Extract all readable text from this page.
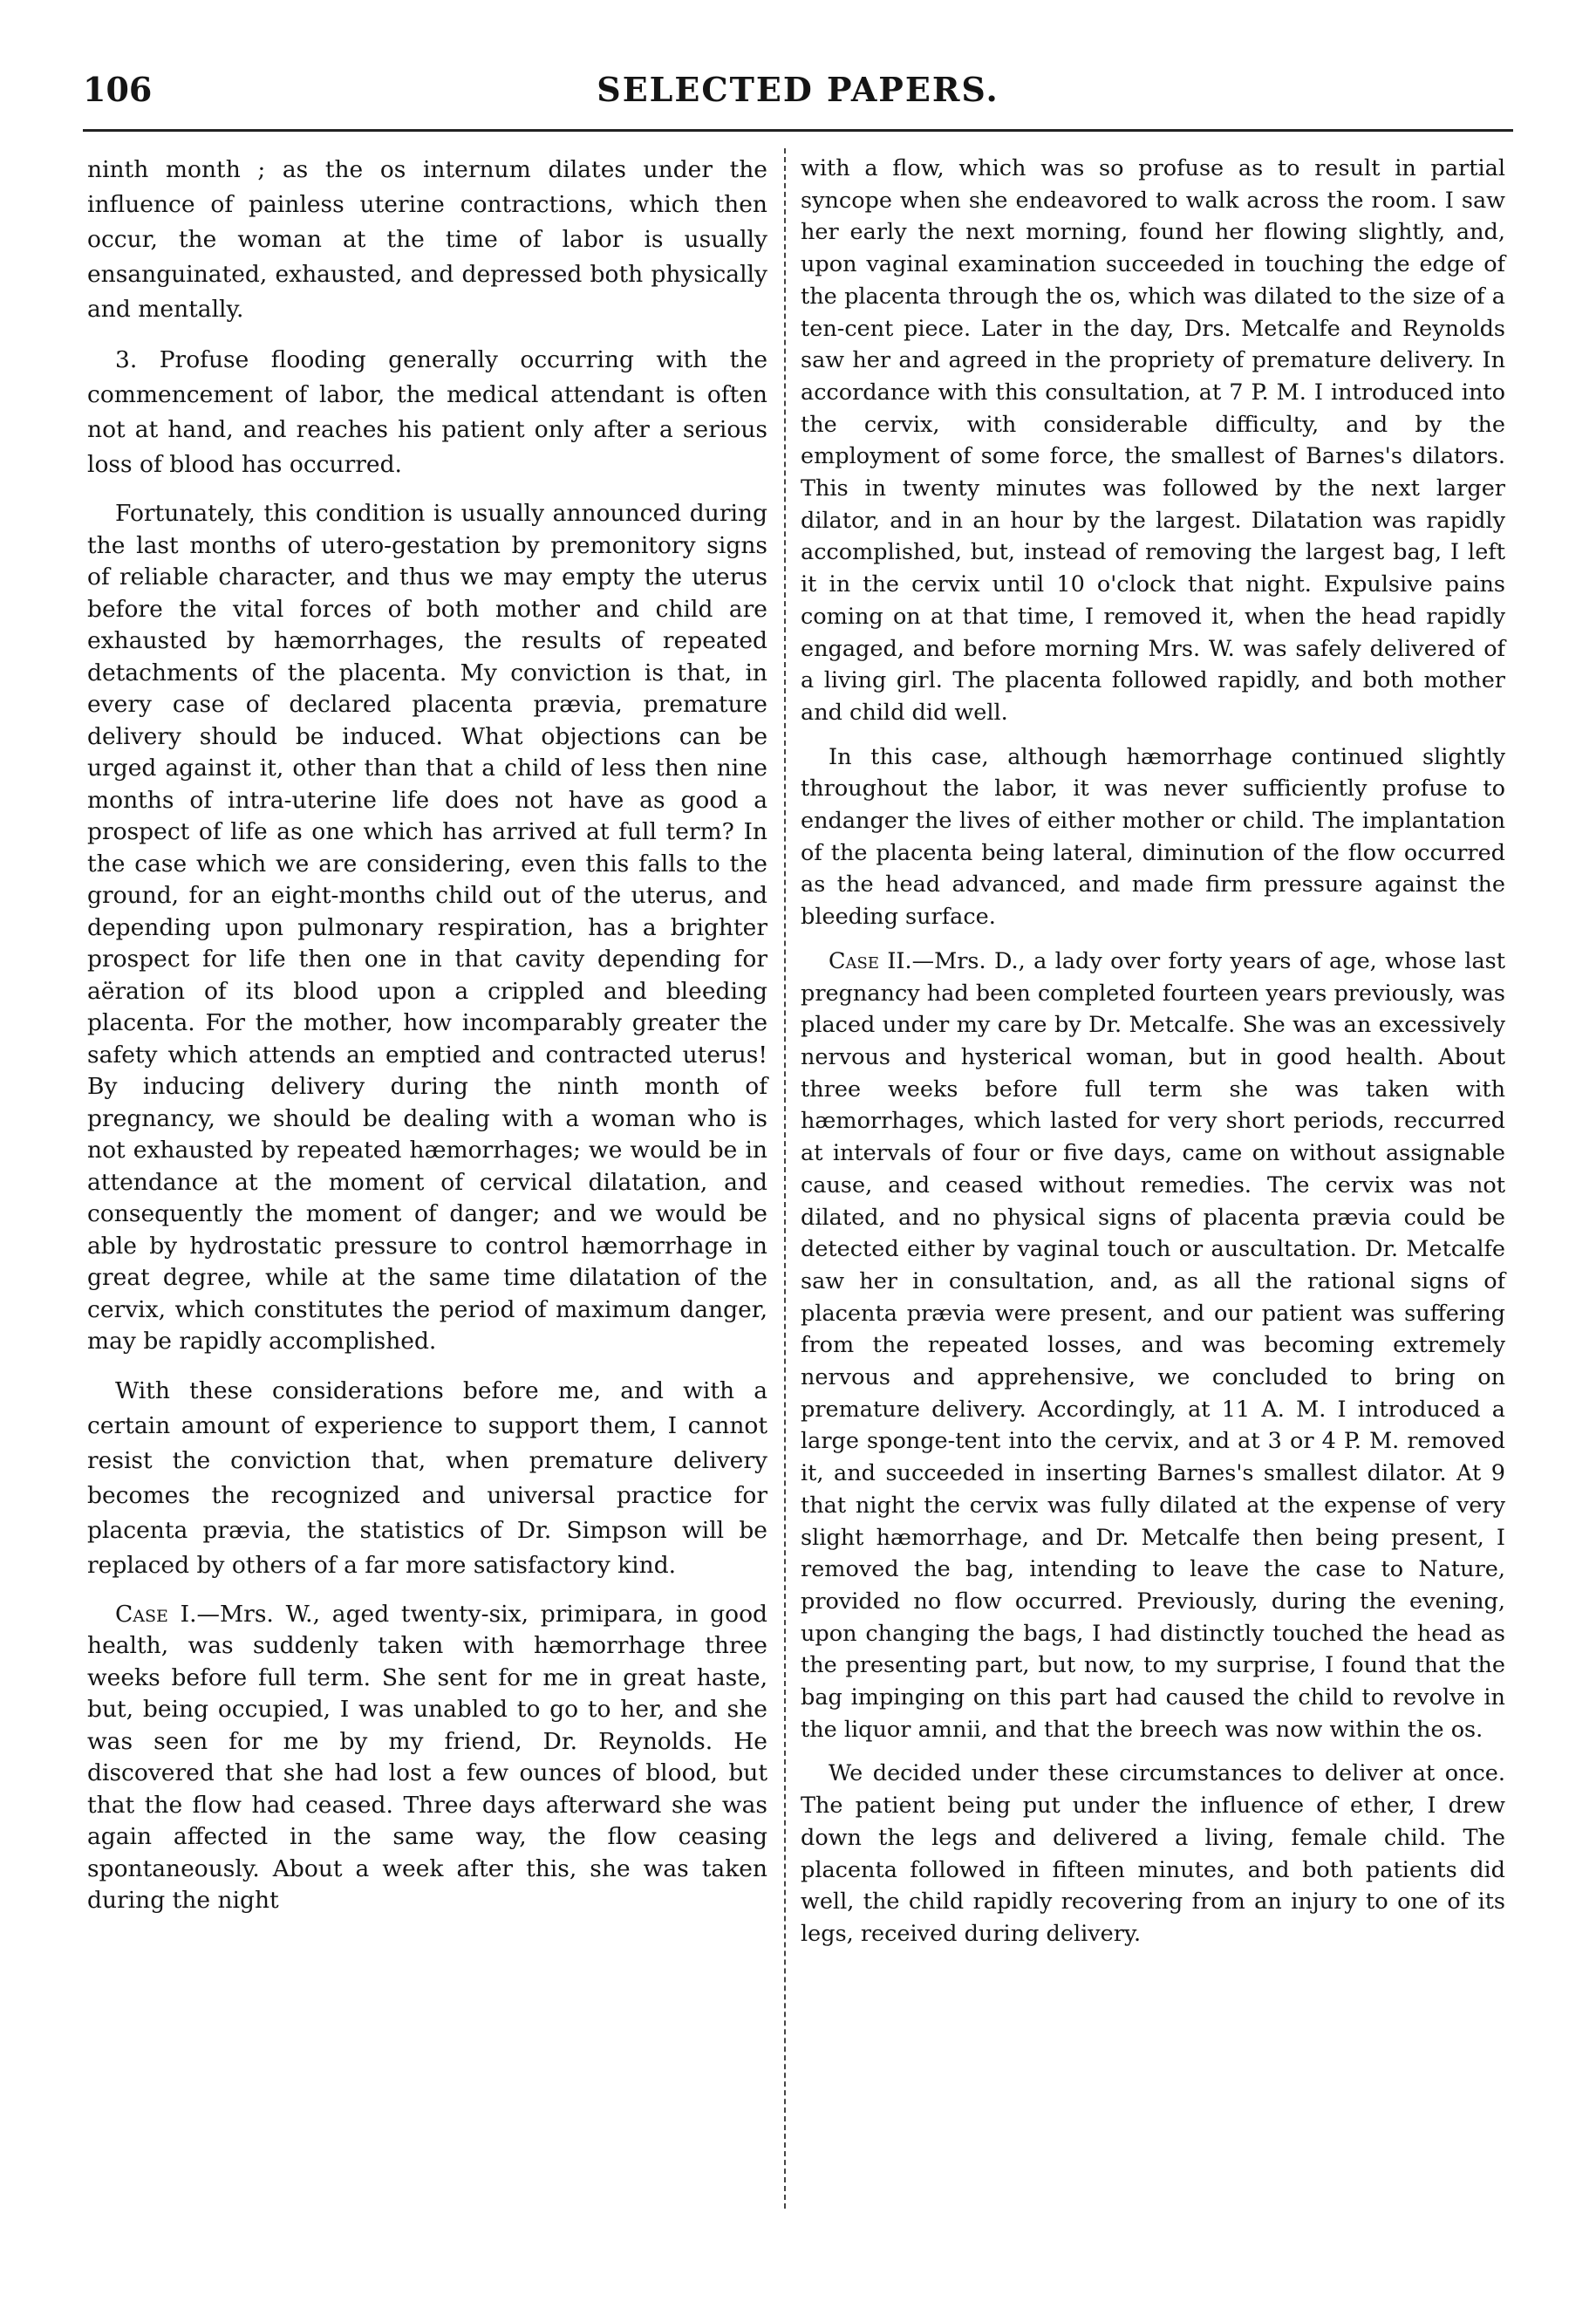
106	SELECTED PAPERS.

ninth month ; as the os internum dilates under the influence of painless uterine contractions, which then occur, the woman at the time of labor is usually ensanguinated, exhausted, and depressed both physically and mentally.

3. Profuse flooding generally occurring with the commencement of labor, the medical attendant is often not at hand, and reaches his patient only after a serious loss of blood has occurred.

Fortunately, this condition is usually announced during the last months of utero-gestation by premonitory signs of reliable character, and thus we may empty the uterus before the vital forces of both mother and child are exhausted by hæmorrhages, the results of repeated detachments of the placenta. My conviction is that, in every case of declared placenta prævia, premature delivery should be induced. What objections can be urged against it, other than that a child of less then nine months of intra-uterine life does not have as good a prospect of life as one which has arrived at full term? In the case which we are considering, even this falls to the ground, for an eight-months child out of the uterus, and depending upon pulmonary respiration, has a brighter prospect for life then one in that cavity depending for aëration of its blood upon a crippled and bleeding placenta. For the mother, how incomparably greater the safety which attends an emptied and contracted uterus! By inducing delivery during the ninth month of pregnancy, we should be dealing with a woman who is not exhausted by repeated hæmorrhages; we would be in attendance at the moment of cervical dilatation, and consequently the moment of danger; and we would be able by hydrostatic pressure to control hæmorrhage in great degree, while at the same time dilatation of the cervix, which constitutes the period of maximum danger, may be rapidly accomplished.

With these considerations before me, and with a certain amount of experience to support them, I cannot resist the conviction that, when premature delivery becomes the recognized and universal practice for placenta prævia, the statistics of Dr. Simpson will be replaced by others of a far more satisfactory kind.

Case I.—Mrs. W., aged twenty-six, primipara, in good health, was suddenly taken with hæmorrhage three weeks before full term. She sent for me in great haste, but, being occupied, I was unabled to go to her, and she was seen for me by my friend, Dr. Reynolds. He discovered that she had lost a few ounces of blood, but that the flow had ceased. Three days afterward she was again affected in the same way, the flow ceasing spontaneously. About a week after this, she was taken during the night

with a flow, which was so profuse as to result in partial syncope when she endeavored to walk across the room. I saw her early the next morning, found her flowing slightly, and, upon vaginal examination succeeded in touching the edge of the placenta through the os, which was dilated to the size of a ten-cent piece. Later in the day, Drs. Metcalfe and Reynolds saw her and agreed in the propriety of premature delivery. In accordance with this consultation, at 7 P. M. I introduced into the cervix, with considerable difficulty, and by the employment of some force, the smallest of Barnes's dilators. This in twenty minutes was followed by the next larger dilator, and in an hour by the largest. Dilatation was rapidly accomplished, but, instead of removing the largest bag, I left it in the cervix until 10 o'clock that night. Expulsive pains coming on at that time, I removed it, when the head rapidly engaged, and before morning Mrs. W. was safely delivered of a living girl. The placenta followed rapidly, and both mother and child did well.

In this case, although hæmorrhage continued slightly throughout the labor, it was never sufficiently profuse to endanger the lives of either mother or child. The implantation of the placenta being lateral, diminution of the flow occurred as the head advanced, and made firm pressure against the bleeding surface.

Case II.—Mrs. D., a lady over forty years of age, whose last pregnancy had been completed fourteen years previously, was placed under my care by Dr. Metcalfe. She was an excessively nervous and hysterical woman, but in good health. About three weeks before full term she was taken with hæmorrhages, which lasted for very short periods, reccurred at intervals of four or five days, came on without assignable cause, and ceased without remedies. The cervix was not dilated, and no physical signs of placenta prævia could be detected either by vaginal touch or auscultation. Dr. Metcalfe saw her in consultation, and, as all the rational signs of placenta prævia were present, and our patient was suffering from the repeated losses, and was becoming extremely nervous and apprehensive, we concluded to bring on premature delivery. Accordingly, at 11 A. M. I introduced a large sponge-tent into the cervix, and at 3 or 4 P. M. removed it, and succeeded in inserting Barnes's smallest dilator. At 9 that night the cervix was fully dilated at the expense of very slight hæmorrhage, and Dr. Metcalfe then being present, I removed the bag, intending to leave the case to Nature, provided no flow occurred. Previously, during the evening, upon changing the bags, I had distinctly touched the head as the presenting part, but now, to my surprise, I found that the bag impinging on this part had caused the child to revolve in the liquor amnii, and that the breech was now within the os.

We decided under these circumstances to deliver at once. The patient being put under the influence of ether, I drew down the legs and delivered a living, female child. The placenta followed in fifteen minutes, and both patients did well, the child rapidly recovering from an injury to one of its legs, received during delivery.
